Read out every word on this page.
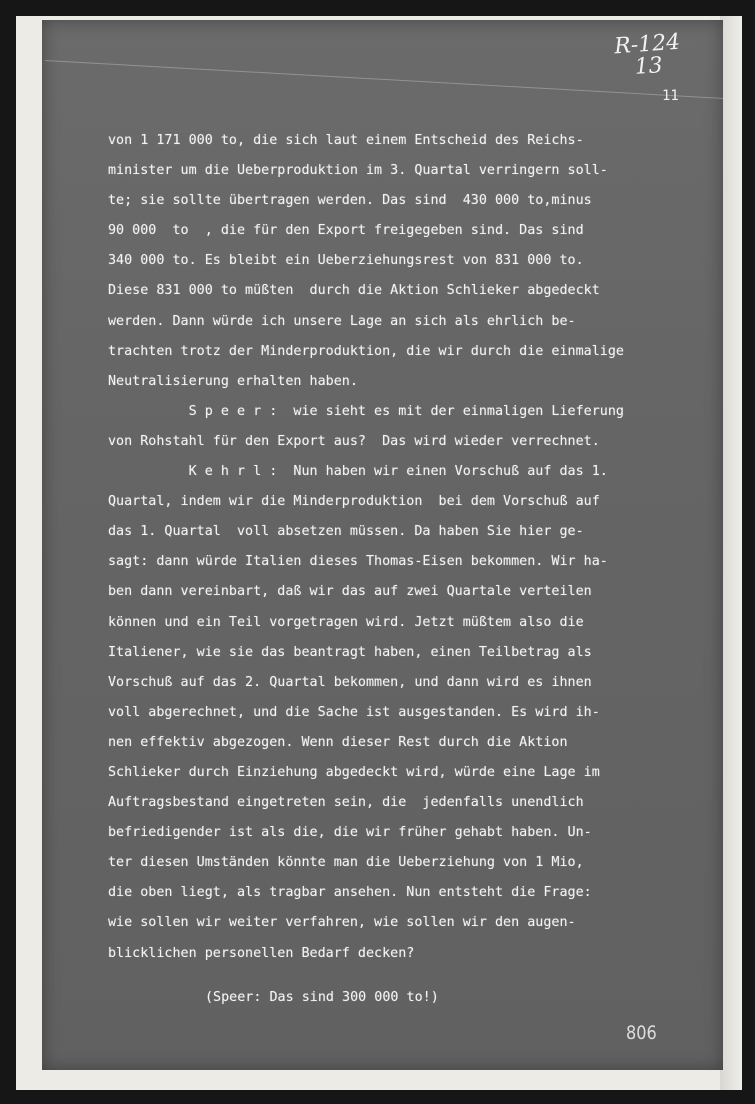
R-124
13
11
von 1 171 000 to, die sich laut einem Entscheid des Reichs-
minister um die Ueberproduktion im 3. Quartal verringern soll-
te; sie sollte übertragen werden. Das sind  430 000 to,minus
90 000  to  , die für den Export freigegeben sind. Das sind
340 000 to. Es bleibt ein Ueberziehungsrest von 831 000 to.
Diese 831 000 to müßten  durch die Aktion Schlieker abgedeckt
werden. Dann würde ich unsere Lage an sich als ehrlich be-
trachten trotz der Minderproduktion, die wir durch die einmalige
Neutralisierung erhalten haben.
S p e e r :  wie sieht es mit der einmaligen Lieferung
von Rohstahl für den Export aus?  Das wird wieder verrechnet.
K e h r l :  Nun haben wir einen Vorschuß auf das 1.
Quartal, indem wir die Minderproduktion  bei dem Vorschuß auf
das 1. Quartal  voll absetzen müssen. Da haben Sie hier ge-
sagt: dann würde Italien dieses Thomas-Eisen bekommen. Wir ha-
ben dann vereinbart, daß wir das auf zwei Quartale verteilen
können und ein Teil vorgetragen wird. Jetzt müßtem also die
Italiener, wie sie das beantragt haben, einen Teilbetrag als
Vorschuß auf das 2. Quartal bekommen, und dann wird es ihnen
voll abgerechnet, und die Sache ist ausgestanden. Es wird ih-
nen effektiv abgezogen. Wenn dieser Rest durch die Aktion
Schlieker durch Einziehung abgedeckt wird, würde eine Lage im
Auftragsbestand eingetreten sein, die  jedenfalls unendlich
befriedigender ist als die, die wir früher gehabt haben. Un-
ter diesen Umständen könnte man die Ueberziehung von 1 Mio,
die oben liegt, als tragbar ansehen. Nun entsteht die Frage:
wie sollen wir weiter verfahren, wie sollen wir den augen-
blicklichen personellen Bedarf decken?
(Speer: Das sind 300 000 to!)
806
